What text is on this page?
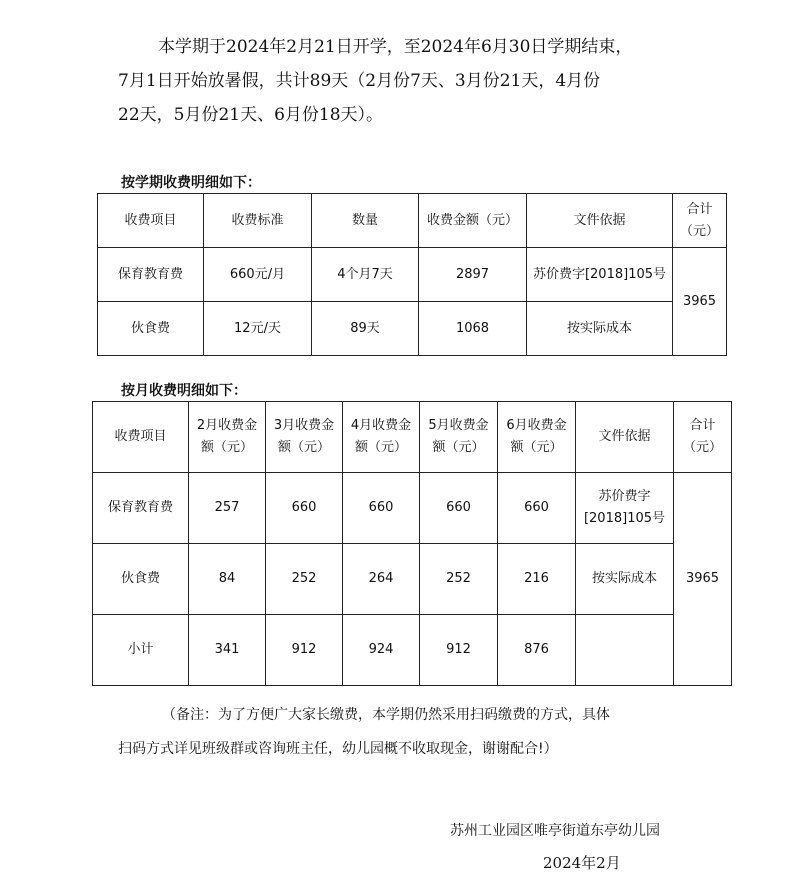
本学期于2024年2月21日开学，至2024年6月30日学期结束，
7月1日开始放暑假，共计89天（2月份7天、3月份21天，4月份
22天，5月份21天、6月份18天）。

按学期收费明细如下：

收费项目	收费标准	数量	收费金额（元）	文件依据	合计（元）
保育教育费	660元/月	4个月7天	2897	苏价费字[2018]105号	3965
伙食费	12元/天	89天	1068	按实际成本	

按月收费明细如下：

收费项目	2月收费金额（元）	3月收费金额（元）	4月收费金额（元）	5月收费金额（元）	6月收费金额（元）	文件依据	合计（元）
保育教育费	257	660	660	660	660	苏价费字[2018]105号	3965
伙食费	84	252	264	252	216	按实际成本	
小计	341	912	924	912	876		
（备注：为了方便广大家长缴费，本学期仍然采用扫码缴费的方式，具体
扫码方式详见班级群或咨询班主任，幼儿园概不收取现金，谢谢配合!）
苏州工业园区唯亭街道东亭幼儿园
2024年2月
